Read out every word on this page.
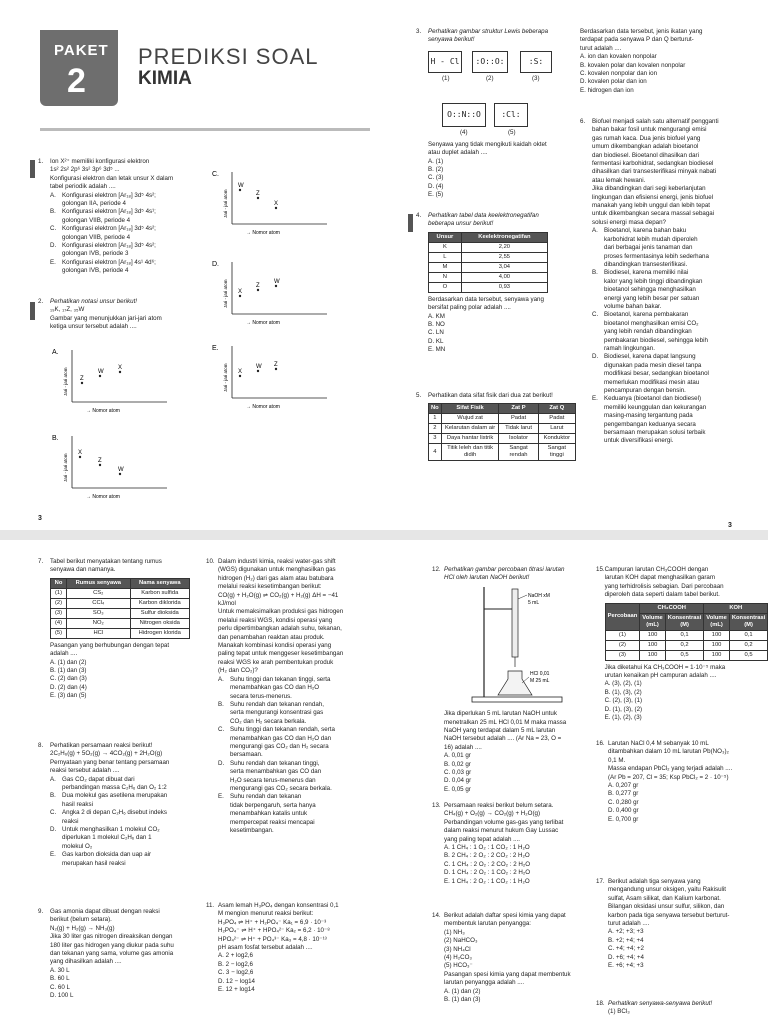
PAKET
2
PREDIKSI SOAL
KIMIA
1.	Ion X²⁺ memiliki konfigurasi elektron
1s² 2s² 2p⁶ 3s² 3p⁶ 3d⁵ ...
Konfigurasi elektron dan letak unsur X dalam
tabel periodik adalah ....
A. Konfigurasi elektron [Ar₁₈] 3d⁵ 4s²;
golongan IIA, periode 4
B. Konfigurasi elektron [Ar₁₈] 3d⁵ 4s¹;
golongan VIIB, periode 4
C. Konfigurasi elektron [Ar₁₈] 3d⁵ 4s²;
golongan VIIB, periode 4
D. Konfigurasi elektron [Ar₁₈] 3d⁵ 4s²;
golongan IVB, periode 3
E. Konfigurasi elektron [Ar₁₈] 4s¹ 4d⁶;
golongan IVB, periode 4
2.	Perhatikan notasi unsur berikut!
₁₉K, ₁₇Z, ₃₅W
Gambar yang menunjukkan jari-jari atom
ketiga unsur tersebut adalah ....
A.
Jari - jari atom
→ Nomor atom
Z
W
X
B.
Jari - jari atom
→ Nomor atom
X
Z
W
C.
Jari - jari atom
→ Nomor atom
W
Z
X
D.
Jari - jari atom
→ Nomor atom
X
Z
W
E.
Jari - jari atom
→ Nomor atom
X
W Z
3
3.	Perhatikan gambar struktur Lewis beberapa
senyawa berikut!
H - Cl
(1)
:O::O:
(2)
:S:
(3)
O::N::O
(4)
:Cl:
(5)
Senyawa yang tidak mengikuti kaidah oktet
atau duplet adalah ....
A. (1)
B. (2)
C. (3)
D. (4)
E. (5)
4.	Perhatikan tabel data keelektronegatifan
beberapa unsur berikut!
Unsur	Keelektronegatifan
K	2,20
L	2,55
M	3,04
N	4,00
O	0,93
Berdasarkan data tersebut, senyawa yang
bersifat paling polar adalah ....
A. KM
B. NO
C. LN
D. KL
E. MN
5.	Perhatikan data sifat fisik dari dua zat berikut!
No	Sifat Fisik	Zat P	Zat Q
1	Wujud zat	Padat	Padat
2	Kelarutan dalam air	Tidak larut	Larut
3	Daya hantar listrik	Isolator	Konduktor
4	Titik leleh dan titik didih	Sangat rendah	Sangat tinggi
Berdasarkan data tersebut, jenis ikatan yang
terdapat pada senyawa P dan Q berturut-
turut adalah ....
A. ion dan kovalen nonpolar
B. kovalen polar dan kovalen nonpolar
C. kovalen nonpolar dan ion
D. kovalen polar dan ion
E. hidrogen dan ion
6.	Biofuel menjadi salah satu alternatif pengganti
bahan bakar fosil untuk mengurangi emisi
gas rumah kaca. Dua jenis biofuel yang
umum dikembangkan adalah bioetanol
dan biodiesel. Bioetanol dihasilkan dari
fermentasi karbohidrat, sedangkan biodiesel
dihasilkan dari transesterifikasi minyak nabati
atau lemak hewani.
Jika dibandingkan dari segi keberlanjutan
lingkungan dan efisiensi energi, jenis biofuel
manakah yang lebih unggul dan lebih tepat
untuk dikembangkan secara massal sebagai
solusi energi masa depan?
A. Bioetanol, karena bahan baku
karbohidrat lebih mudah diperoleh
dari berbagai jenis tanaman dan
proses fermentasinya lebih sederhana
dibandingkan transesterifikasi.
B. Biodiesel, karena memiliki nilai
kalor yang lebih tinggi dibandingkan
bioetanol sehingga menghasilkan
energi yang lebih besar per satuan
volume bahan bakar.
C. Bioetanol, karena pembakaran
bioetanol menghasilkan emisi CO₂
yang lebih rendah dibandingkan
pembakaran biodiesel, sehingga lebih
ramah lingkungan.
D. Biodiesel, karena dapat langsung
digunakan pada mesin diesel tanpa
modifikasi besar, sedangkan bioetanol
memerlukan modifikasi mesin atau
pencampuran dengan bensin.
E. Keduanya (bioetanol dan biodiesel)
memiliki keunggulan dan kekurangan
masing-masing tergantung pada
pengembangan keduanya secara
bersamaan merupakan solusi terbaik
untuk diversifikasi energi.
3
7.	Tabel berikut menyatakan tentang rumus
senyawa dan namanya.
No	Rumus senyawa	Nama senyawa
(1)	CS₂	Karbon sulfida
(2)	CCl₄	Karbon diklorida
(3)	SO₃	Sulfur dioksida
(4)	NO₂	Nitrogen oksida
(5)	HCl	Hidrogen klorida
Pasangan yang berhubungan dengan tepat
adalah ....
A. (1) dan (2)
B. (1) dan (3)
C. (2) dan (3)
D. (2) dan (4)
E. (3) dan (5)
8.	Perhatikan persamaan reaksi berikut!
2C₂H₆(g) + 5O₂(g) → 4CO₂(g) + 2H₂O(g)
Pernyataan yang benar tentang persamaan
reaksi tersebut adalah ....
A. Gas CO₂ dapat dibuat dari
perbandingan massa C₂H₆ dan O₂ 1:2
B. Dua molekul gas asetilena merupakan
hasil reaksi
C. Angka 2 di depan C₂H₆ disebut indeks
reaksi
D. Untuk menghasilkan 1 molekul CO₂
diperlukan 1 molekul C₂H₆ dan 1
molekul O₂
E. Gas karbon dioksida dan uap air
merupakan hasil reaksi
9.	Gas amonia dapat dibuat dengan reaksi
berikut (belum setara).
N₂(g) + H₂(g) → NH₃(g)
Jika 30 liter gas nitrogen direaksikan dengan
180 liter gas hidrogen yang diukur pada suhu
dan tekanan yang sama, volume gas amonia
yang dihasilkan adalah ....
A. 30 L
B. 60 L
C. 60 L
D. 100 L
10. Dalam industri kimia, reaksi water-gas shift
(WGS) digunakan untuk menghasilkan gas
hidrogen (H₂) dari gas alam atau batubara
melalui reaksi kesetimbangan berikut:
CO(g) + H₂O(g) ⇌ CO₂(g) + H₂(g) ΔH = −41
kJ/mol
Untuk memaksimalkan produksi gas hidrogen
melalui reaksi WGS, kondisi operasi yang
perlu dipertimbangkan adalah suhu, tekanan,
dan penambahan reaktan atau produk.
Manakah kombinasi kondisi operasi yang
paling tepat untuk menggeser kesetimbangan
reaksi WGS ke arah pembentukan produk
(H₂ dan CO₂)?
A. Suhu tinggi dan tekanan tinggi, serta
menambahkan gas CO dan H₂O
secara terus-menerus.
B. Suhu rendah dan tekanan rendah,
serta mengurangi konsentrasi gas
CO₂ dan H₂ secara berkala.
C. Suhu tinggi dan tekanan rendah, serta
menambahkan gas CO dan H₂O dan
mengurangi gas CO₂ dan H₂ secara
bersamaan.
D. Suhu rendah dan tekanan tinggi,
serta menambahkan gas CO dan
H₂O secara terus-menerus dan
mengurangi gas CO₂ secara berkala.
E. Suhu rendah dan tekanan
tidak berpengaruh, serta hanya
menambahkan katalis untuk
mempercepat reaksi mencapai
kesetimbangan.
11. Asam lemah H₃PO₄ dengan konsentrasi 0,1
M mengion menurut reaksi berikut:
H₃PO₄ ⇌ H⁺ + H₂PO₄⁻ Ka₁ = 6,9 · 10⁻³
H₂PO₄⁻ ⇌ H⁺ + HPO₄²⁻ Ka₂ = 6,2 · 10⁻⁸
HPO₄²⁻ ⇌ H⁺ + PO₄³⁻ Ka₃ = 4,8 · 10⁻¹³
pH asam fosfat tersebut adalah ....
A. 2 + log2,6
B. 2 − log2,6
C. 3 − log2,6
D. 12 − log14
E. 12 + log14
12. Perhatikan gambar percobaan titrasi larutan
HCl oleh larutan NaOH berikut!
NaOH xM
5 mL
HCl 0,01
M 25 mL
Jika diperlukan 5 mL larutan NaOH untuk
menetralkan 25 mL HCl 0,01 M maka massa
NaOH yang terdapat dalam 5 mL larutan
NaOH tersebut adalah .... (Ar Na = 23, O =
16) adalah ....
A. 0,01 gr
B. 0,02 gr
C. 0,03 gr
D. 0,04 gr
E. 0,05 gr
13. Persamaan reaksi berikut belum setara.
CH₄(g) + O₂(g) → CO₂(g) + H₂O(g)
Perbandingan volume gas-gas yang terlibat
dalam reaksi menurut hukum Gay Lussac
yang paling tepat adalah ....
A. 1 CH₄ : 1 O₂ : 1 CO₂ : 1 H₂O
B. 2 CH₄ : 2 O₂ : 2 CO₂ : 2 H₂O
C. 1 CH₄ : 2 O₂ : 2 CO₂ : 2 H₂O
D. 1 CH₄ : 2 O₂ : 1 CO₂ : 2 H₂O
E. 1 CH₄ : 2 O₂ : 1 CO₂ : 1 H₂O
14. Berikut adalah daftar spesi kimia yang dapat
membentuk larutan penyangga:
(1) NH₃
(2) NaHCO₃
(3) NH₄Cl
(4) H₂CO₃
(5) HCO₃⁻
Pasangan spesi kimia yang dapat membentuk
larutan penyangga adalah ....
A. (1) dan (2)
B. (1) dan (3)
15. Campuran larutan CH₃COOH dengan
larutan KOH dapat menghasilkan garam
yang terhidrolisis sebagian. Dari percobaan
diperoleh data seperti dalam tabel berikut.
Percobaan	CH₃COOH		KOH	
	Volume (mL)	Konsentrasi (M)	Volume (mL)	Konsentrasi (M)
(1)	100	0,1	100	0,1
(2)	100	0,2	100	0,2
(3)	100	0,5	100	0,5
Jika diketahui Ka CH₃COOH = 1·10⁻⁵ maka
urutan kenaikan pH campuran adalah ....
A. (3), (2), (1)
B. (1), (3), (2)
C. (2), (3), (1)
D. (1), (3), (2)
E. (1), (2), (3)
16. Larutan NaCl 0,4 M sebanyak 10 mL
ditambahkan dalam 10 mL larutan Pb(NO₃)₂
0,1 M.
Massa endapan PbCl₂ yang terjadi adalah ....
(Ar Pb = 207, Cl = 35; Ksp PbCl₂ = 2 · 10⁻⁵)
A. 0,207 gr
B. 0,277 gr
C. 0,280 gr
D. 0,400 gr
E. 0,700 gr
17. Berikut adalah tiga senyawa yang
mengandung unsur oksigen, yaitu Rakisulit
sulfat, Asam silikat, dan Kalium karbonat.
Bilangan oksidasi unsur sulfur, silikon, dan
karbon pada tiga senyawa tersebut berturut-
turut adalah ....
A. +2; +3; +3
B. +2; +4; +4
C. +4; +4; +2
D. +6; +4; +4
E. +6; +4; +3
18. Perhatikan senyawa-senyawa berikut!
(1) BCl₃
